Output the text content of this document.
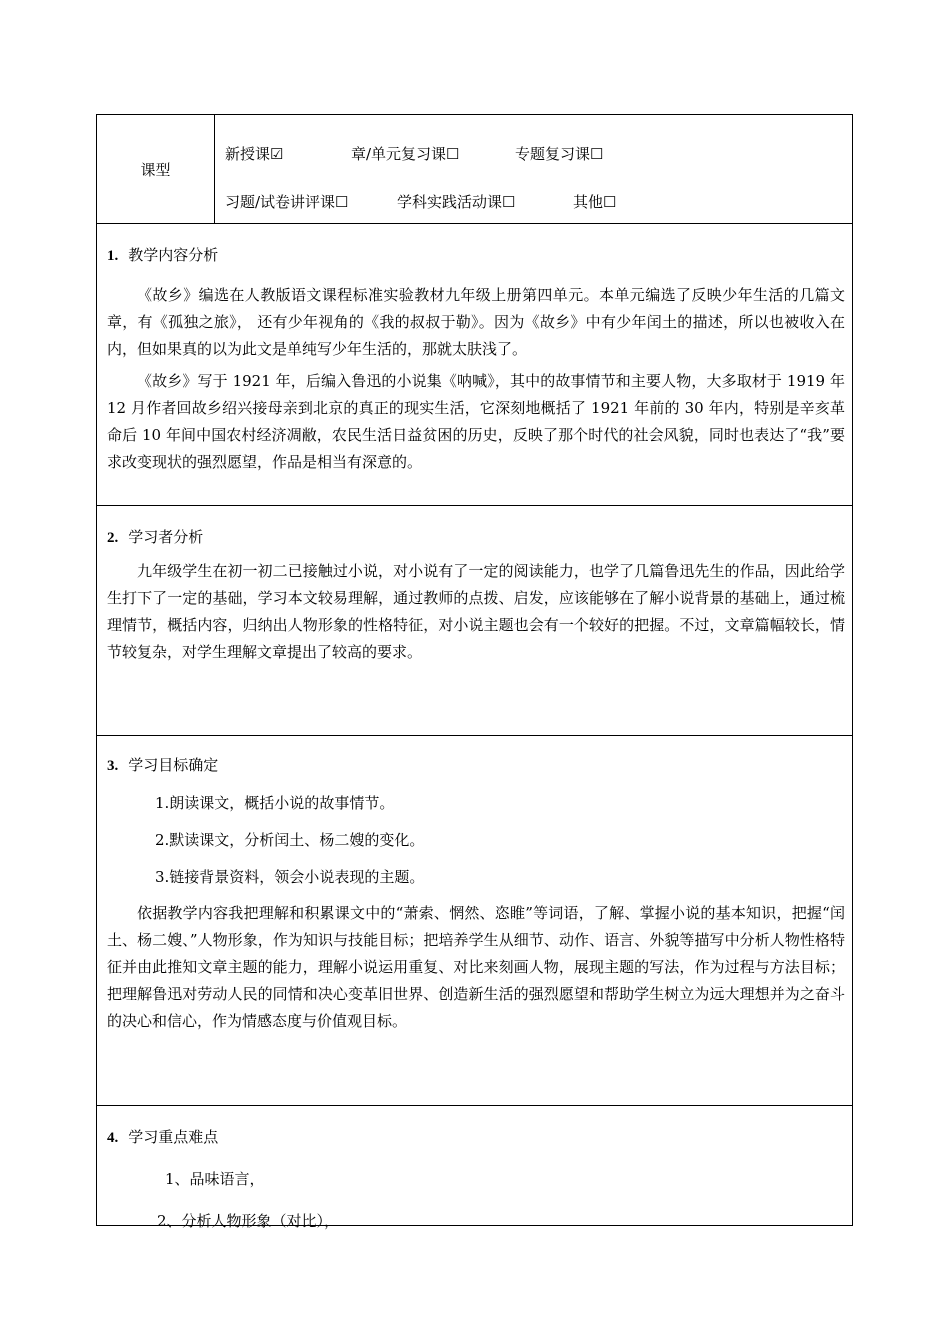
课型
新授课☑	章/单元复习课☐	专题复习课☐
习题/试卷讲评课☐	学科实践活动课☐	其他☐
1. 教学内容分析

《故乡》编选在人教版语文课程标准实验教材九年级上册第四单元。本单元编选了反映少年生活的几篇文章，有《孤独之旅》， 还有少年视角的《我的叔叔于勒》。因为《故乡》中有少年闰土的描述，所以也被收入在内，但如果真的以为此文是单纯写少年生活的，那就太肤浅了。

《故乡》写于 1921 年，后编入鲁迅的小说集《呐喊》，其中的故事情节和主要人物，大多取材于 1919 年 12 月作者回故乡绍兴接母亲到北京的真正的现实生活，它深刻地概括了 1921 年前的 30 年内，特别是辛亥革命后 10 年间中国农村经济凋敝，农民生活日益贫困的历史，反映了那个时代的社会风貌，同时也表达了“我”要求改变现状的强烈愿望，作品是相当有深意的。

2. 学习者分析

九年级学生在初一初二已接触过小说，对小说有了一定的阅读能力，也学了几篇鲁迅先生的作品，因此给学生打下了一定的基础，学习本文较易理解，通过教师的点拨、启发，应该能够在了解小说背景的基础上，通过梳理情节，概括内容，归纳出人物形象的性格特征，对小说主题也会有一个较好的把握。不过，文章篇幅较长，情节较复杂，对学生理解文章提出了较高的要求。

3. 学习目标确定
1.朗读课文，概括小说的故事情节。
2.默读课文，分析闰土、杨二嫂的变化。
3.链接背景资料，领会小说表现的主题。

依据教学内容我把理解和积累课文中的“萧索、惘然、恣睢”等词语，了解、掌握小说的基本知识，把握“闰土、杨二嫂、”人物形象，作为知识与技能目标；把培养学生从细节、动作、语言、外貌等描写中分析人物性格特征并由此推知文章主题的能力，理解小说运用重复、对比来刻画人物，展现主题的写法，作为过程与方法目标；把理解鲁迅对劳动人民的同情和决心变革旧世界、创造新生活的强烈愿望和帮助学生树立为远大理想并为之奋斗的决心和信心，作为情感态度与价值观目标。

4. 学习重点难点
1、品味语言，
2、分析人物形象（对比），
